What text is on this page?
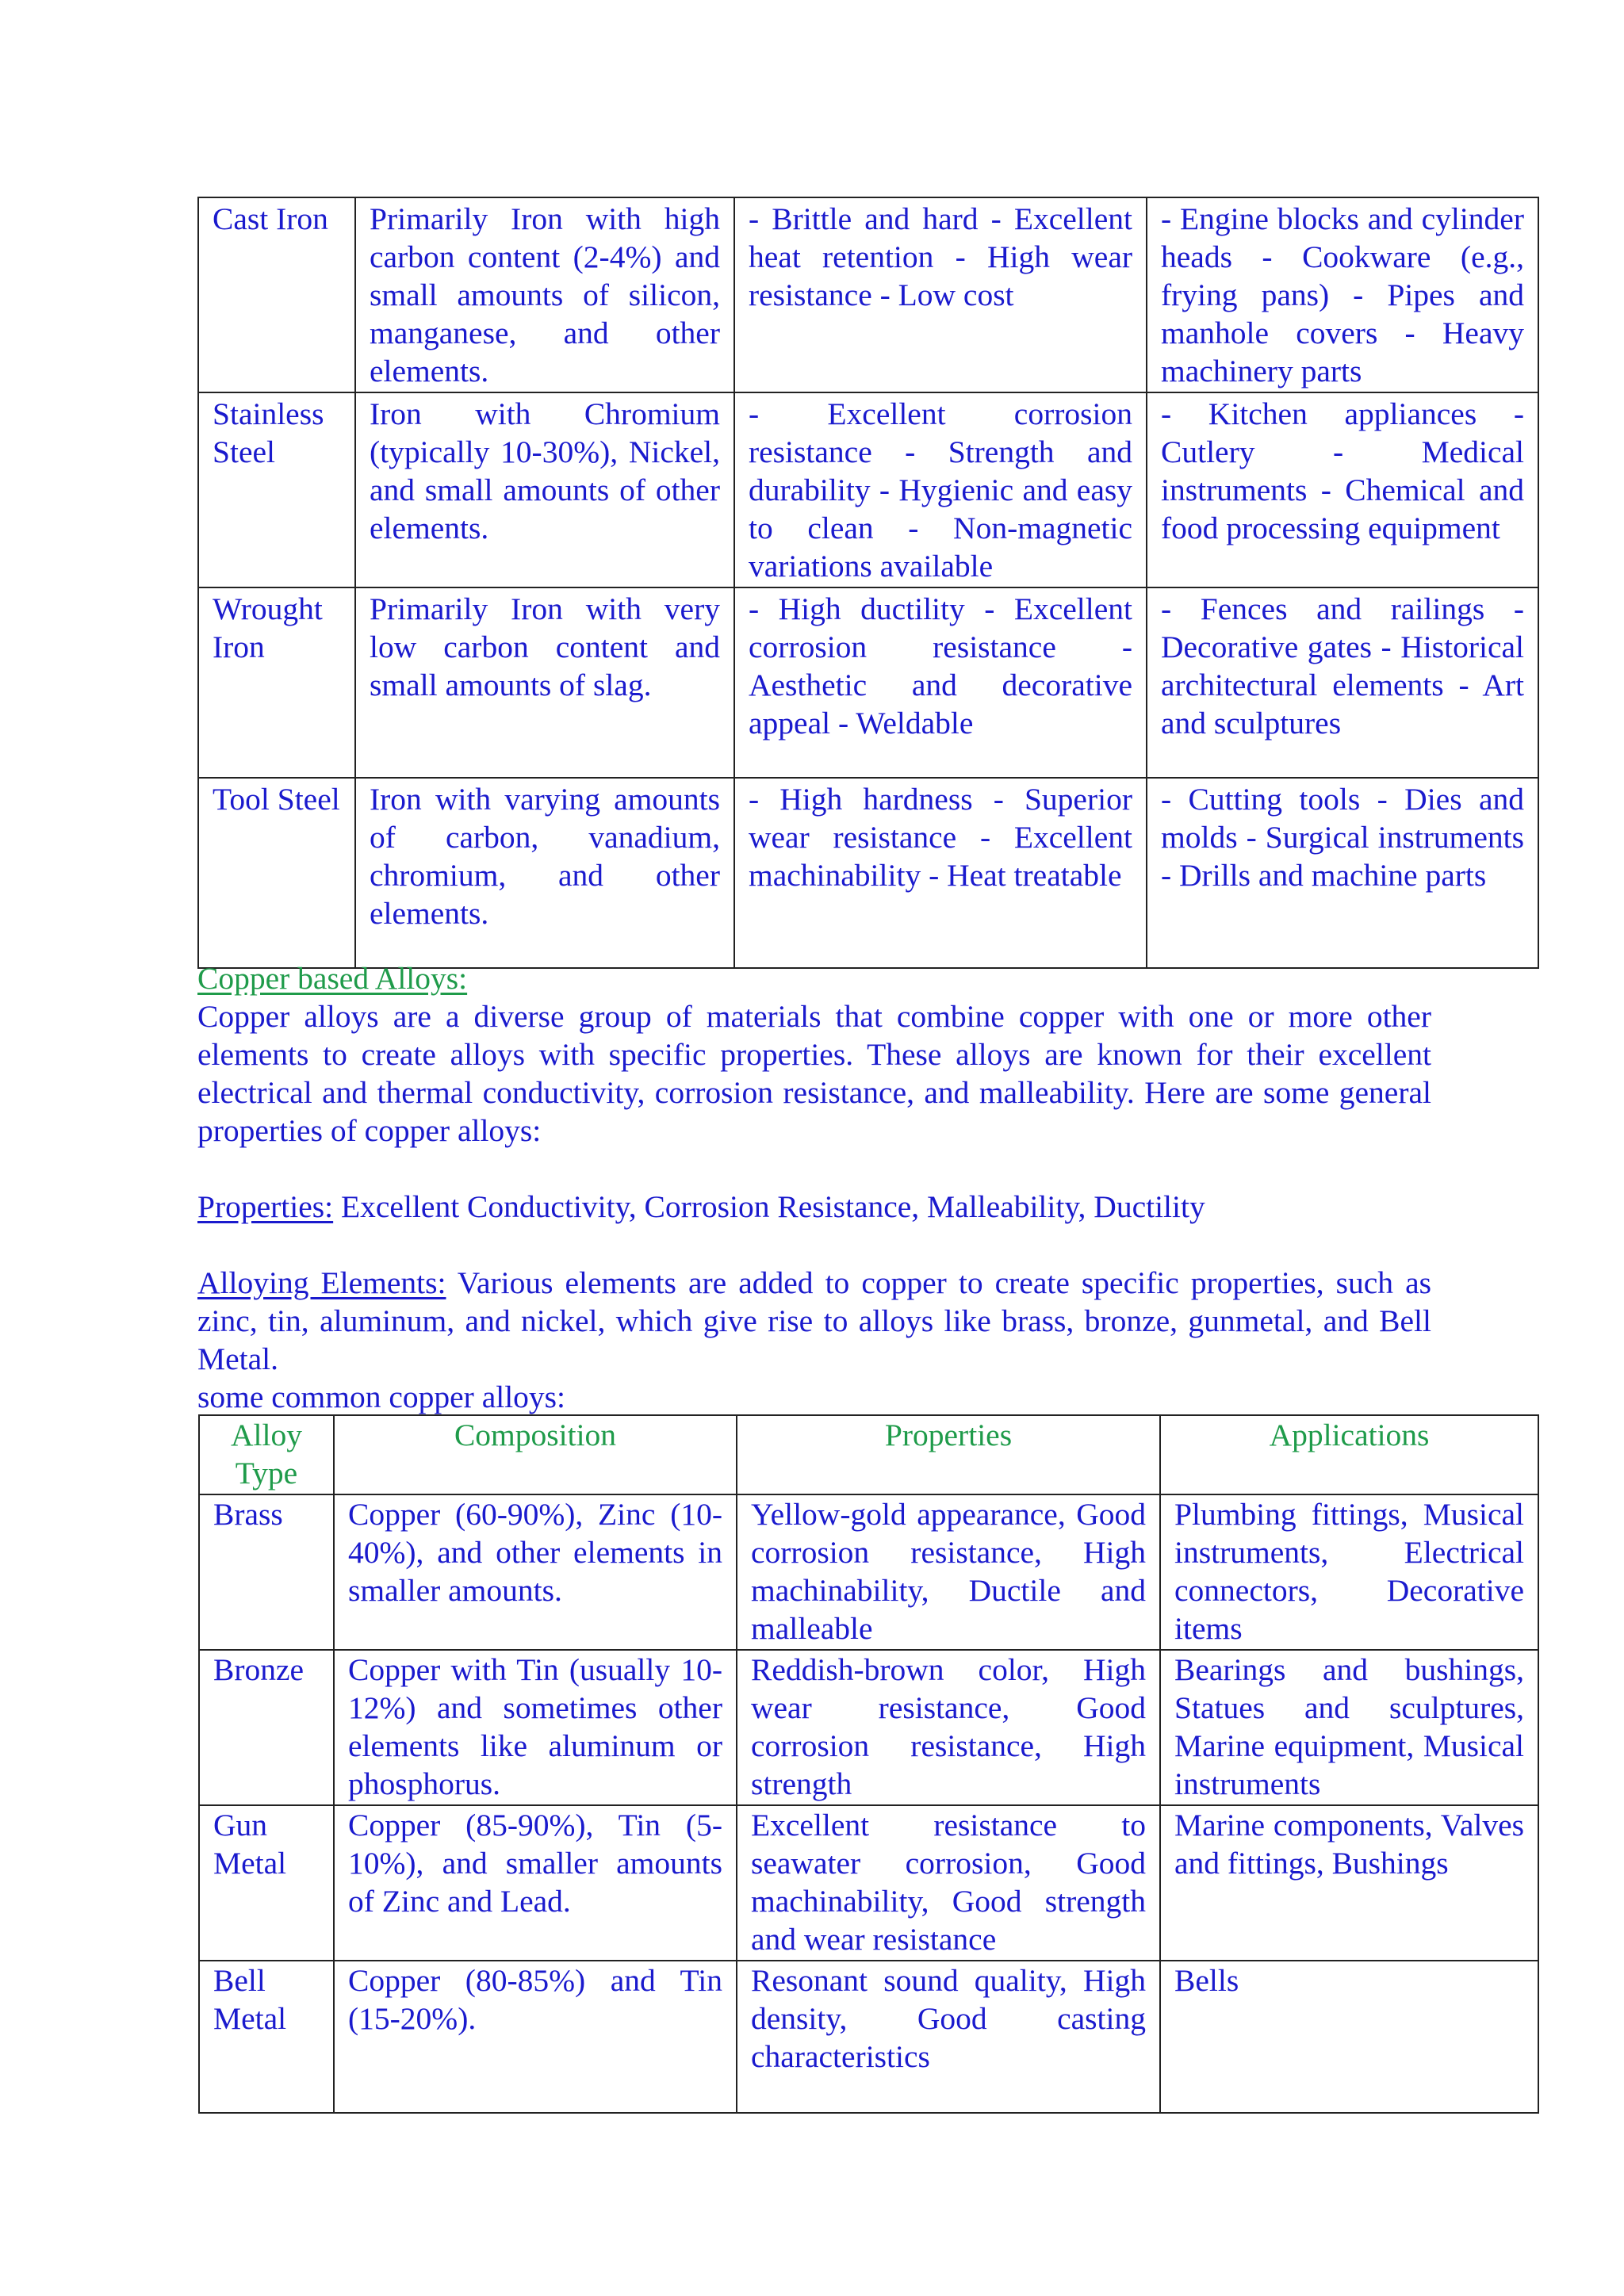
Cast Iron	Primarily Iron with high carbon content (2-4%) and small amounts of silicon, manganese, and other elements.	- Brittle and hard - Excellent heat retention - High wear resistance - Low cost	- Engine blocks and cylinder heads - Cookware (e.g., frying pans) - Pipes and manhole covers - Heavy machinery parts
Stainless Steel	Iron with Chromium (typically 10-30%), Nickel, and small amounts of other elements.	- Excellent corrosion resistance - Strength and durability - Hygienic and easy to clean - Non-magnetic variations available	- Kitchen appliances - Cutlery - Medical instruments - Chemical and food processing equipment
Wrought Iron	Primarily Iron with very low carbon content and small amounts of slag.	- High ductility - Excellent corrosion resistance - Aesthetic and decorative appeal - Weldable	- Fences and railings - Decorative gates - Historical architectural elements - Art and sculptures
Tool Steel	Iron with varying amounts of carbon, vanadium, chromium, and other elements.	- High hardness - Superior wear resistance - Excellent machinability - Heat treatable	- Cutting tools - Dies and molds - Surgical instruments - Drills and machine parts
Copper based Alloys:

Copper alloys are a diverse group of materials that combine copper with one or more other elements to create alloys with specific properties. These alloys are known for their excellent electrical and thermal conductivity, corrosion resistance, and malleability. Here are some general properties of copper alloys:

Properties: Excellent Conductivity, Corrosion Resistance, Malleability, Ductility

Alloying Elements: Various elements are added to copper to create specific properties, such as zinc, tin, aluminum, and nickel, which give rise to alloys like brass, bronze, gunmetal, and Bell Metal.

some common copper alloys:

Alloy Type	Composition	Properties	Applications
Brass	Copper (60-90%), Zinc (10-40%), and other elements in smaller amounts.	Yellow-gold appearance, Good corrosion resistance, High machinability, Ductile and malleable	Plumbing fittings, Musical instruments, Electrical connectors, Decorative items
Bronze	Copper with Tin (usually 10-12%) and sometimes other elements like aluminum or phosphorus.	Reddish-brown color, High wear resistance, Good corrosion resistance, High strength	Bearings and bushings, Statues and sculptures, Marine equipment, Musical instruments
Gun Metal	Copper (85-90%), Tin (5-10%), and smaller amounts of Zinc and Lead.	Excellent resistance to seawater corrosion, Good machinability, Good strength and wear resistance	Marine components, Valves and fittings, Bushings
Bell Metal	Copper (80-85%) and Tin (15-20%).	Resonant sound quality, High density, Good casting characteristics	Bells
